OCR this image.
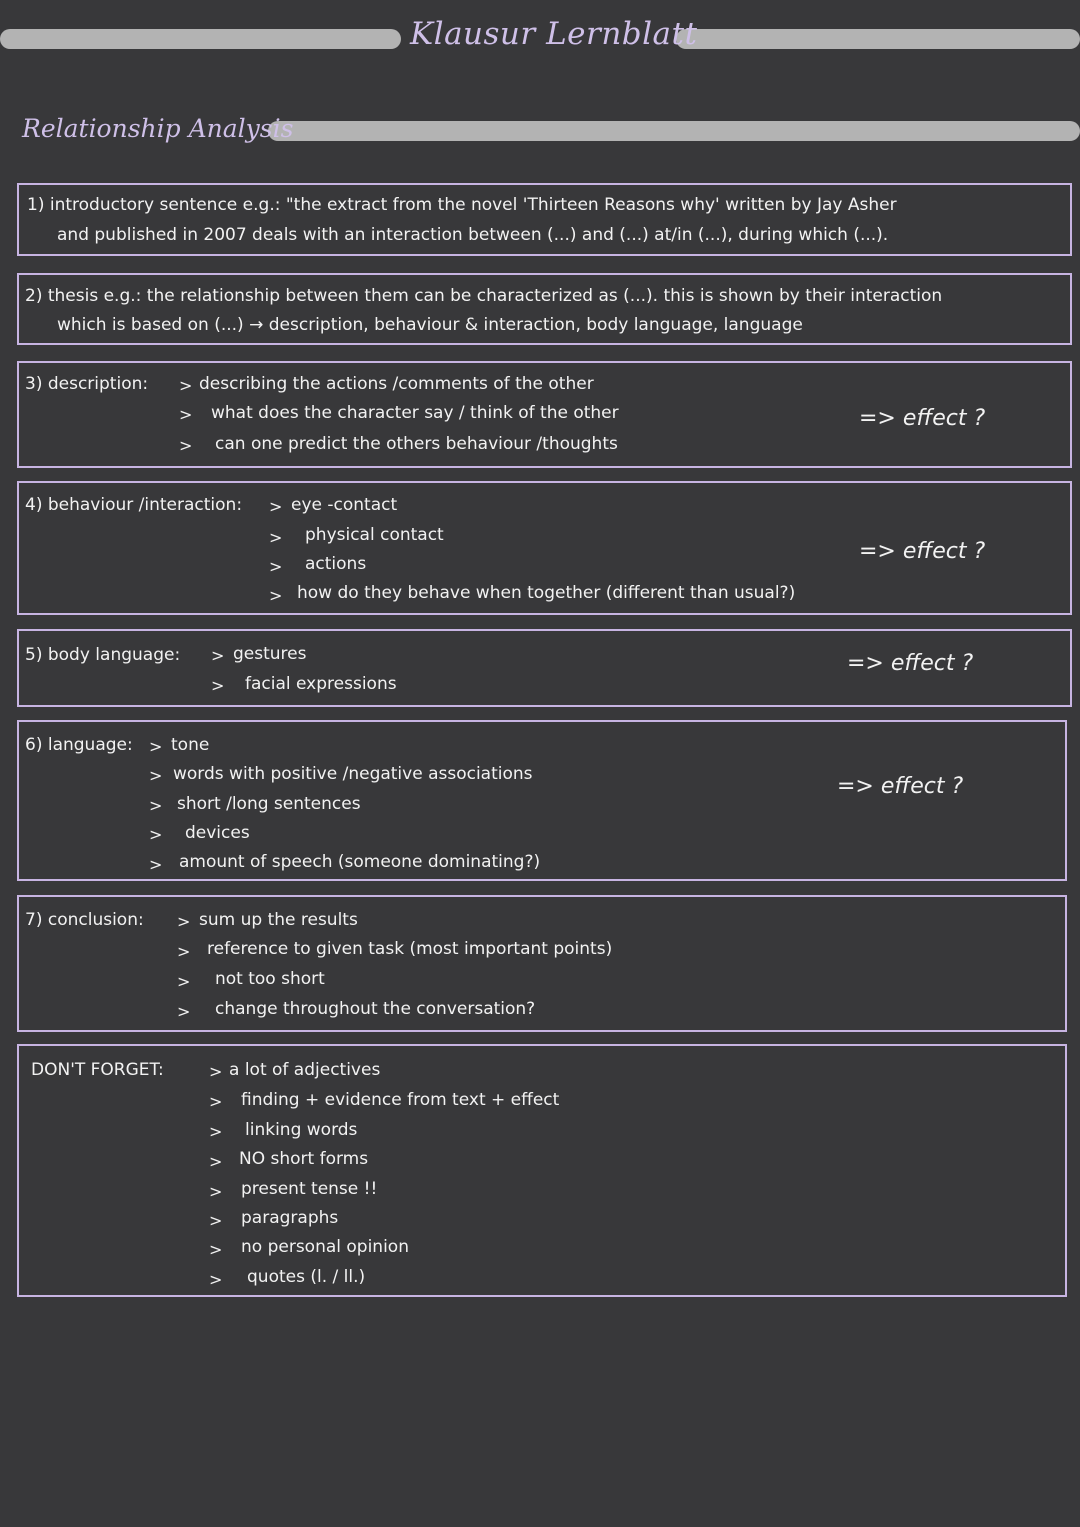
Klausur Lernblatt
Relationship Analysis
1) introductory sentence e.g.: "the extract from the novel 'Thirteen Reasons why' written by Jay Asher
and published in 2007 deals with an interaction between (...) and (...) at/in (...), during which (...).
2) thesis e.g.: the relationship between them can be characterized as (...). this is shown by their interaction
which is based on (...) → description, behaviour & interaction, body language, language
3) description: > describing the actions /comments of the other
> what does the character say / think of the other
> can one predict the others behaviour /thoughts
=> effect ?
4) behaviour /interaction: > eye -contact
> physical contact
> actions
> how do they behave when together (different than usual?)
=> effect ?
5) body language: > gestures
> facial expressions
=> effect ?
6) language: > tone
> words with positive /negative associations
> short /long sentences
> devices
> amount of speech (someone dominating?)
=> effect ?
7) conclusion: > sum up the results
> reference to given task (most important points)
> not too short
> change throughout the conversation?
DON'T FORGET:	> a lot of adjectives
> finding + evidence from text + effect
> linking words
> NO short forms
> present tense !!
> paragraphs
> no personal opinion
> quotes (l. / ll.)
